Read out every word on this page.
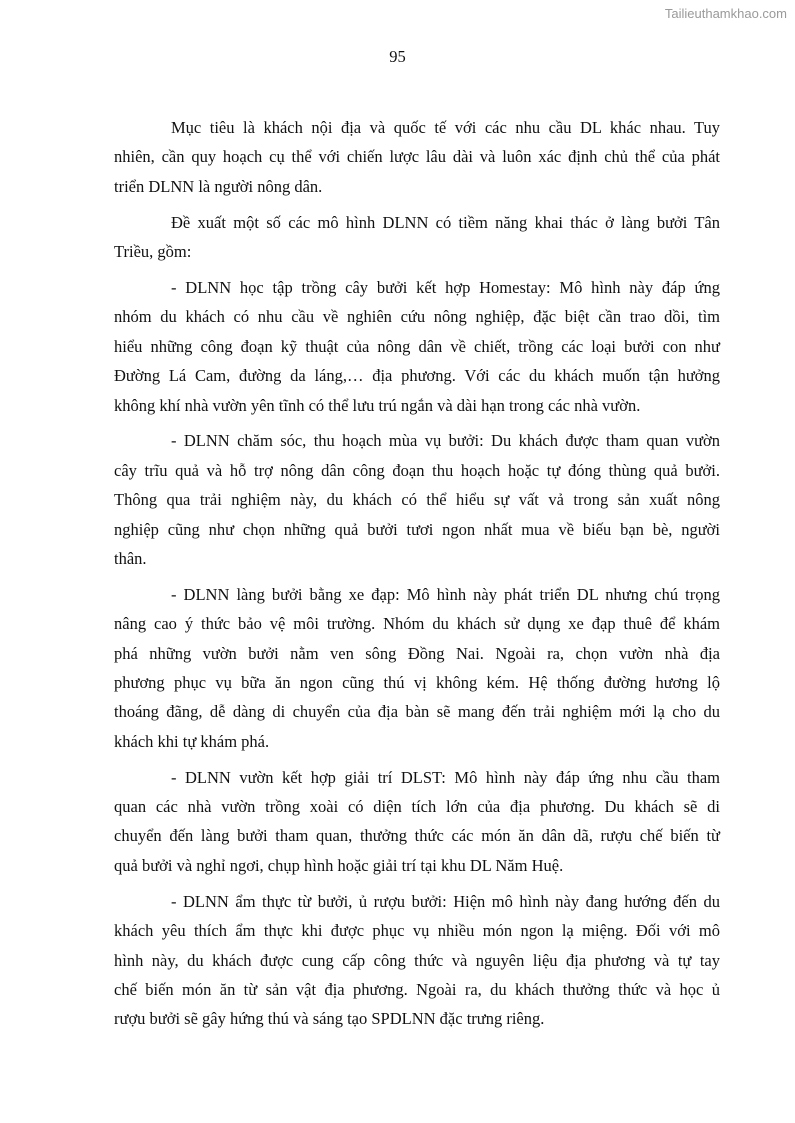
Tailieuthamkhao.com
95
Mục tiêu là khách nội địa và quốc tế với các nhu cầu DL khác nhau. Tuy
nhiên, cần quy hoạch cụ thể với chiến lược lâu dài và luôn xác định chủ thể của phát
triển DLNN là người nông dân.
Đề xuất một số các mô hình DLNN có tiềm năng khai thác ở làng bưởi Tân
Triều, gồm:
- DLNN học tập trồng cây bưởi kết hợp Homestay: Mô hình này đáp ứng
nhóm du khách có nhu cầu về nghiên cứu nông nghiệp, đặc biệt cần trao dồi, tìm
hiểu những công đoạn kỹ thuật của nông dân về chiết, trồng các loại bưởi con như
Đường Lá Cam, đường da láng,… địa phương. Với các du khách muốn tận hưởng
không khí nhà vườn yên tĩnh có thể lưu trú ngắn và dài hạn trong các nhà vườn.
- DLNN chăm sóc, thu hoạch mùa vụ bưởi: Du khách được tham quan vườn
cây trĩu quả và hỗ trợ nông dân công đoạn thu hoạch hoặc tự đóng thùng quả bưởi.
Thông qua trải nghiệm này, du khách có thể hiểu sự vất vả trong sản xuất nông
nghiệp cũng như chọn những quả bưởi tươi ngon nhất mua về biếu bạn bè, người
thân.
- DLNN làng bưởi bằng xe đạp: Mô hình này phát triển DL nhưng chú trọng
nâng cao ý thức bảo vệ môi trường. Nhóm du khách sử dụng xe đạp thuê để khám
phá những vườn bưởi nằm ven sông Đồng Nai. Ngoài ra, chọn vườn nhà địa
phương phục vụ bữa ăn ngon cũng thú vị không kém. Hệ thống đường hương lộ
thoáng đãng, dễ dàng di chuyển của địa bàn sẽ mang đến trải nghiệm mới lạ cho du
khách khi tự khám phá.
- DLNN vườn kết hợp giải trí DLST: Mô hình này đáp ứng nhu cầu tham
quan các nhà vườn trồng xoài có diện tích lớn của địa phương. Du khách sẽ di
chuyển đến làng bưởi tham quan, thưởng thức các món ăn dân dã, rượu chế biến từ
quả bưởi và nghỉ ngơi, chụp hình hoặc giải trí tại khu DL Năm Huệ.
- DLNN ẩm thực từ bưởi, ủ rượu bưởi: Hiện mô hình này đang hướng đến du
khách yêu thích ẩm thực khi được phục vụ nhiều món ngon lạ miệng. Đối với mô
hình này, du khách được cung cấp công thức và nguyên liệu địa phương và tự tay
chế biến món ăn từ sản vật địa phương. Ngoài ra, du khách thưởng thức và học ủ
rượu bưởi sẽ gây hứng thú và sáng tạo SPDLNN đặc trưng riêng.
